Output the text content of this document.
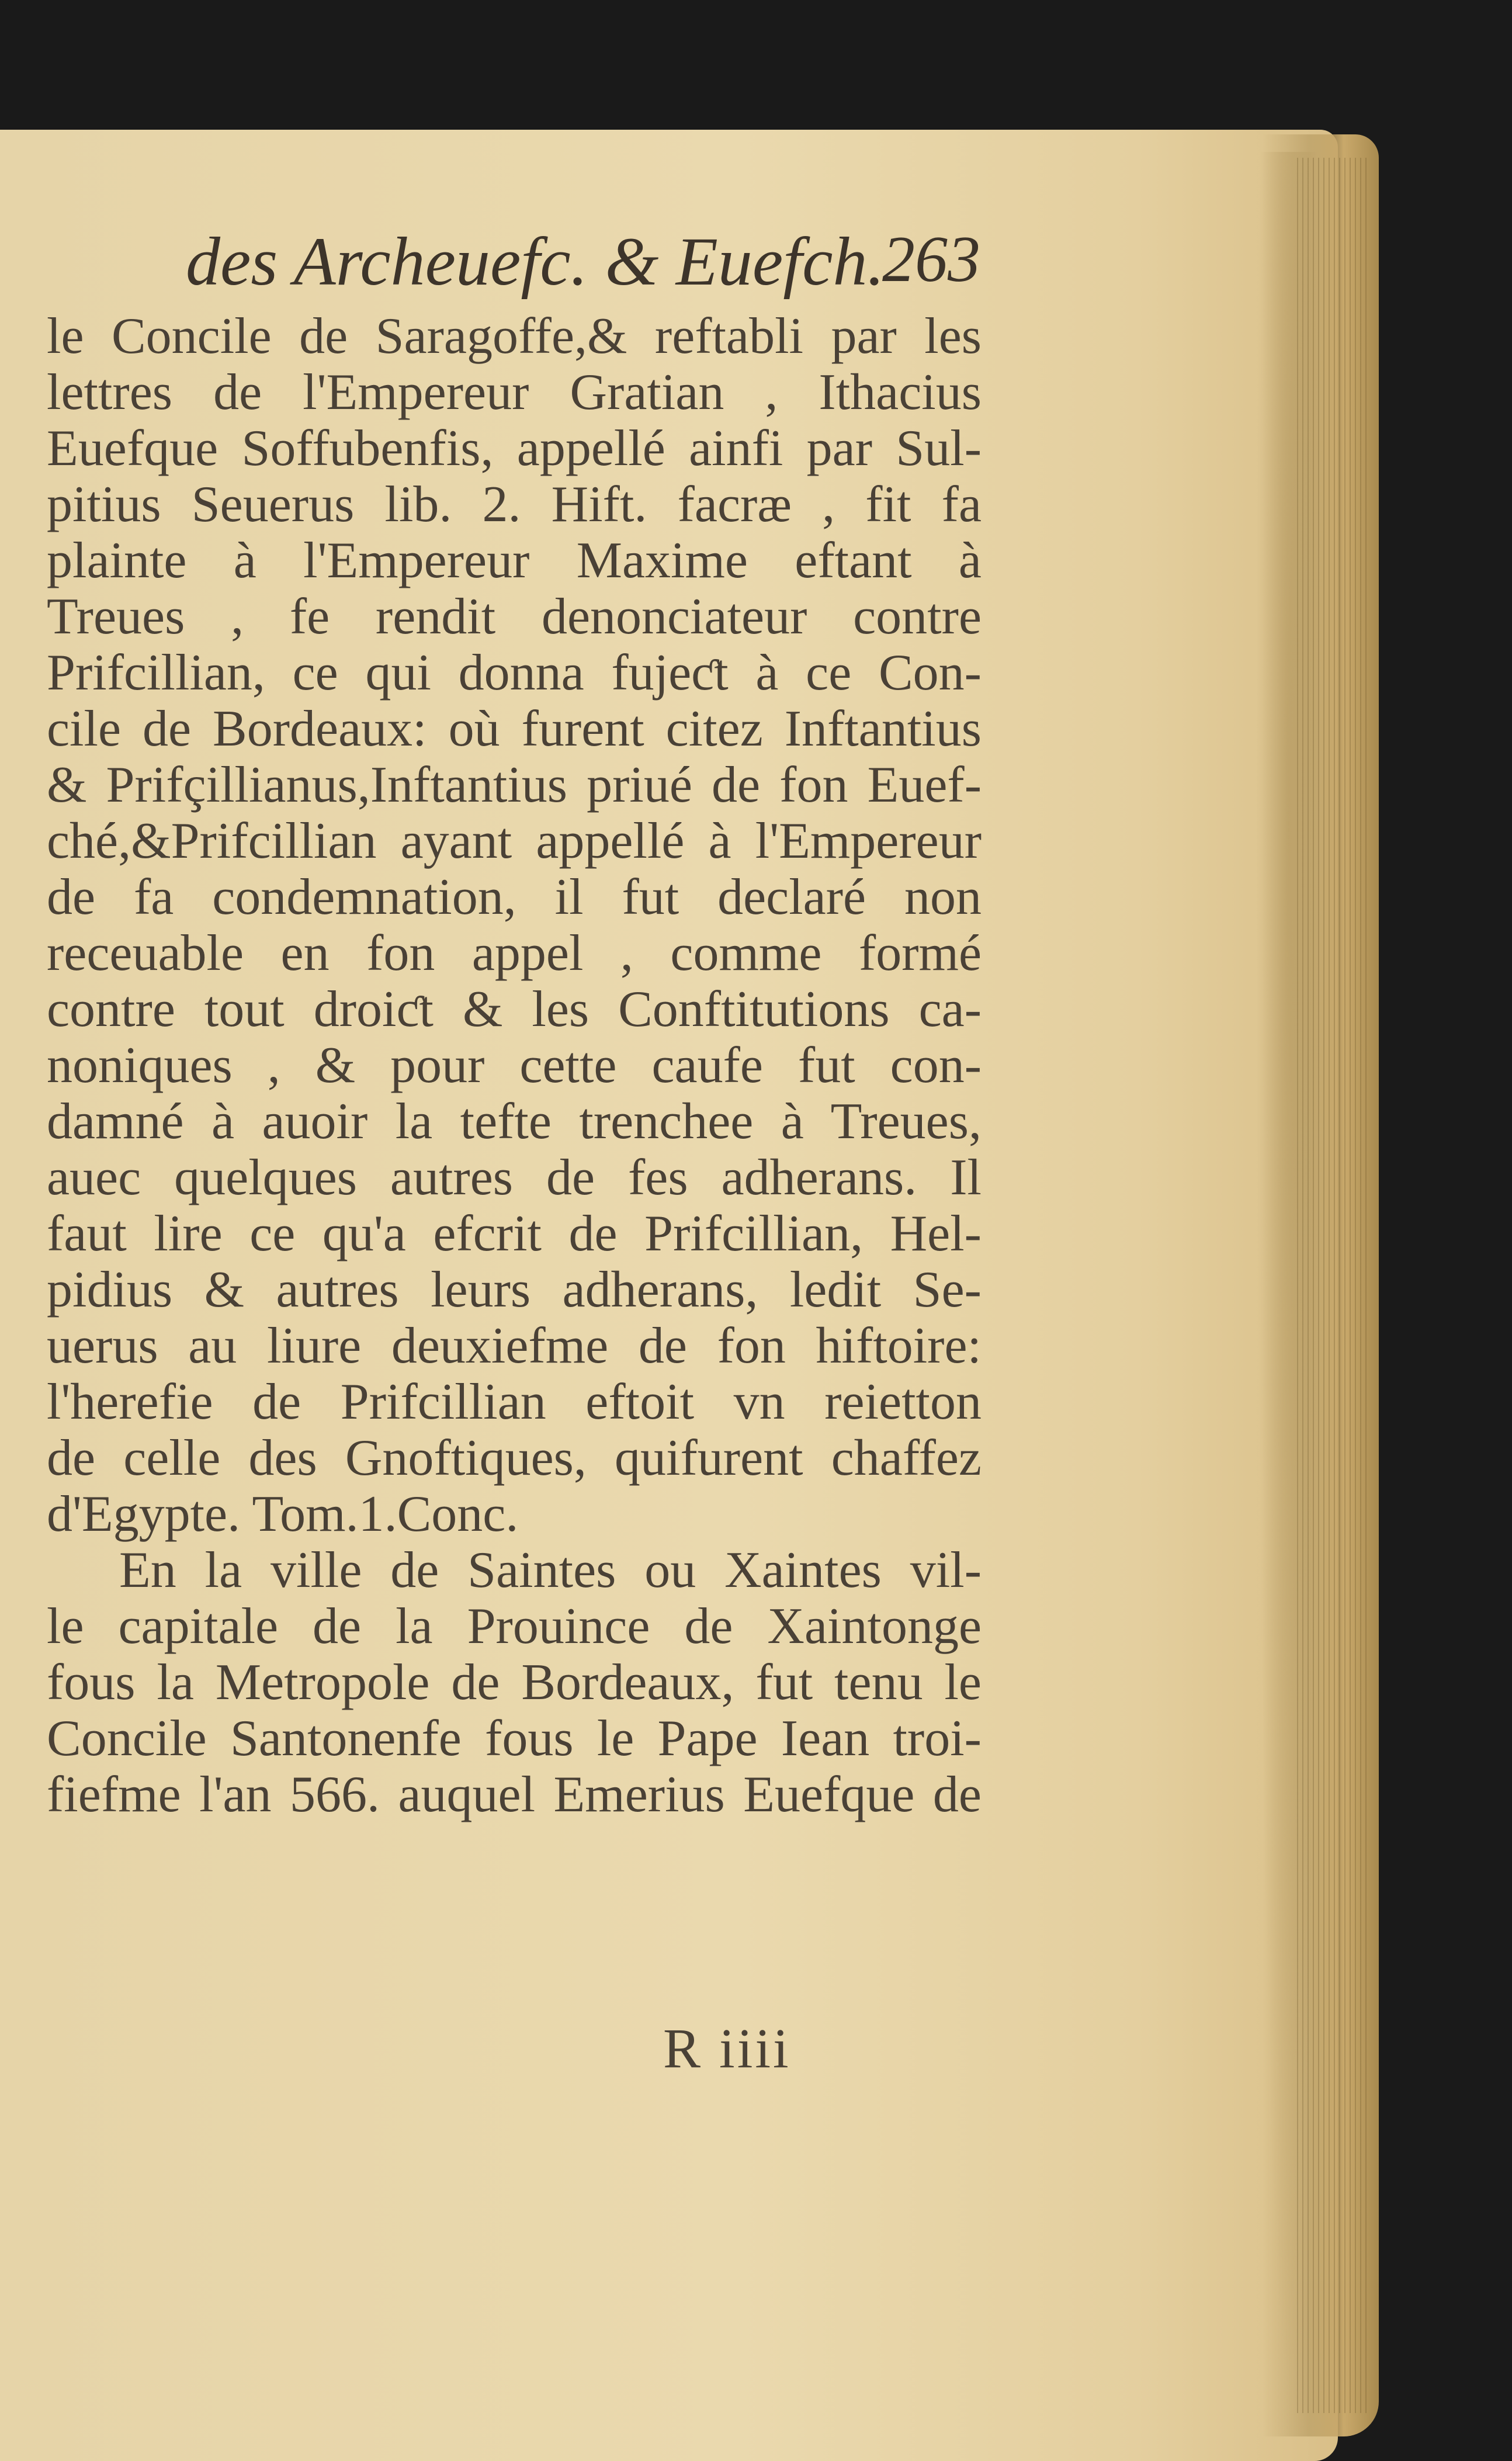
des Archeuefc. & Euefch.
263
le Concile de Saragoffe,& reftabli par les
lettres de l'Empereur Gratian , Ithacius
Euefque Soffubenfis, appellé ainfi par Sul-
pitius Seuerus lib. 2. Hift. facræ , fit fa
plainte à l'Empereur Maxime eftant à
Treues , fe rendit denonciateur contre
Prifcillian, ce qui donna fujeƈt à ce Con-
cile de Bordeaux: où furent citez Inftantius
& Prifçillianus,Inftantius priué de fon Euef-
ché,&Prifcillian ayant appellé à l'Empereur
de fa condemnation, il fut declaré non
receuable en fon appel , comme formé
contre tout droiƈt & les Conftitutions ca-
noniques , & pour cette caufe fut con-
damné à auoir la tefte trenchee à Treues,
auec quelques autres de fes adherans. Il
faut lire ce qu'a efcrit de Prifcillian, Hel-
pidius & autres leurs adherans, ledit Se-
uerus au liure deuxiefme de fon hiftoire:
l'herefie de Prifcillian eftoit vn reietton
de celle des Gnoftiques, quifurent chaffez
d'Egypte. Tom.1.Conc.
En la ville de Saintes ou Xaintes vil-
le capitale de la Prouince de Xaintonge
fous la Metropole de Bordeaux, fut tenu le
Concile Santonenfe fous le Pape Iean troi-
fiefme l'an 566. auquel Emerius Euefque de
R iiii
